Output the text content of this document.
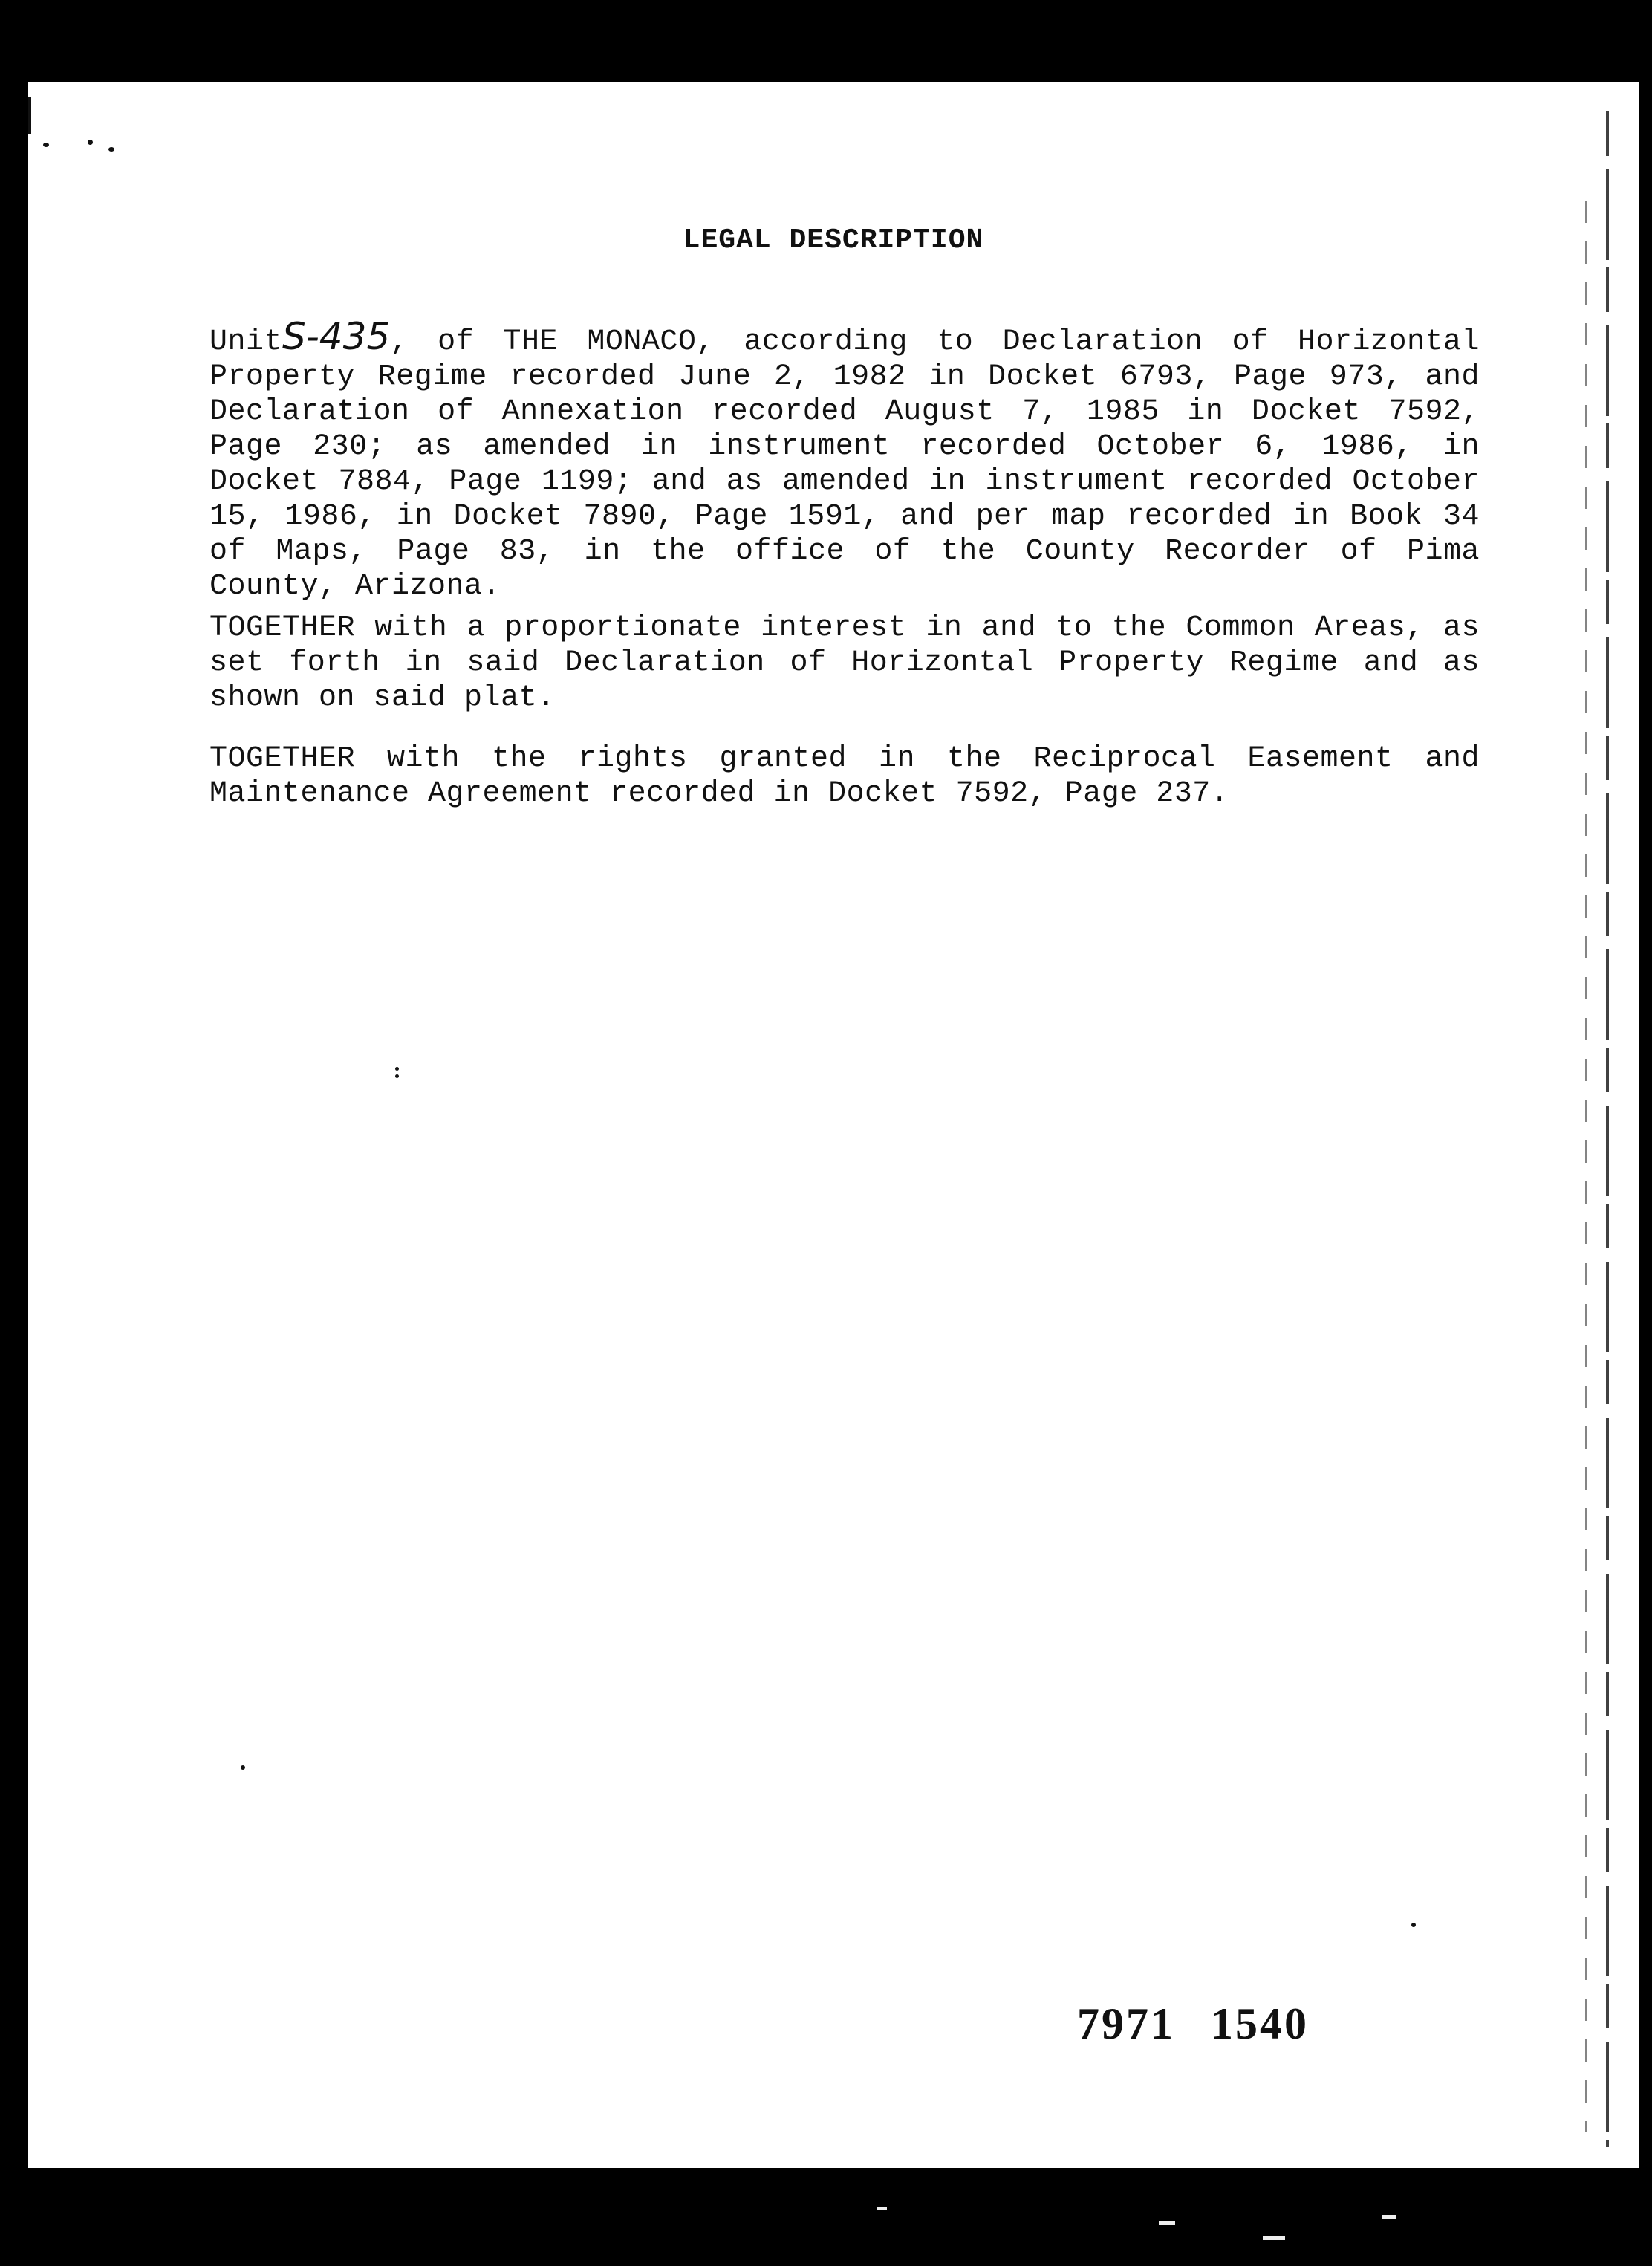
LEGAL DESCRIPTION
UnitS-435, of THE MONACO, according to Declaration of Horizontal Property Regime recorded June 2, 1982 in Docket 6793, Page 973, and Declaration of Annexation recorded August 7, 1985 in Docket 7592, Page 230; as amended in instrument recorded October 6, 1986, in Docket 7884, Page 1199; and as amended in instrument recorded October 15, 1986, in Docket 7890, Page 1591, and per map recorded in Book 34 of Maps, Page 83, in the office of the County Recorder of Pima County, Arizona.
TOGETHER with a proportionate interest in and to the Common Areas, as set forth in said Declaration of Horizontal Property Regime and as shown on said plat.
TOGETHER with the rights granted in the Reciprocal Easement and Maintenance Agreement recorded in Docket 7592, Page 237.
7971 1540
